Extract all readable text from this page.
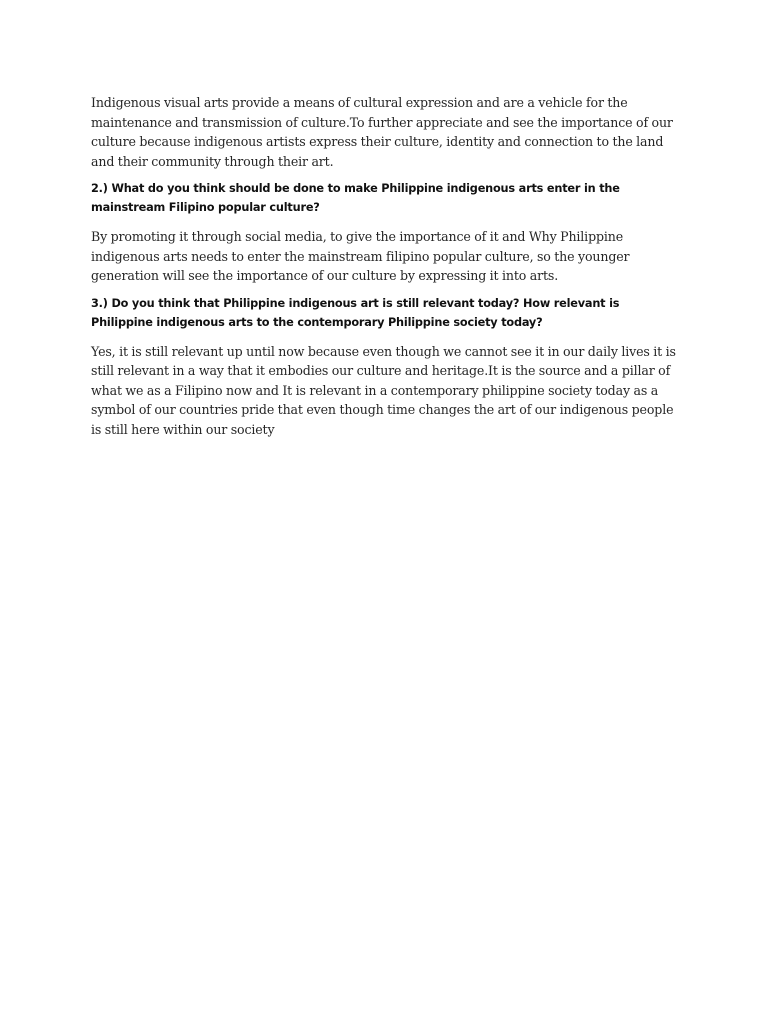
Indigenous visual arts provide a means of cultural expression and are a vehicle for the maintenance and transmission of culture.To further appreciate and see the importance of our culture because indigenous artists express their culture, identity and connection to the land and their community through their art.

2.) What do you think should be done to make Philippine indigenous arts enter in the mainstream Filipino popular culture?

By promoting it through social media, to give the importance of it and Why Philippine indigenous arts needs to enter the mainstream filipino popular culture, so the younger generation will see the importance of our culture by expressing it into arts.

3.) Do you think that Philippine indigenous art is still relevant today? How relevant is Philippine indigenous arts to the contemporary Philippine society today?

Yes, it is still relevant up until now because even though we cannot see it in our daily lives it is still relevant in a way that it embodies our culture and heritage.It is the source and a pillar of what we as a Filipino now and It is relevant in a contemporary philippine society today as a symbol of our countries pride that even though time changes the art of our indigenous people is still here within our society
